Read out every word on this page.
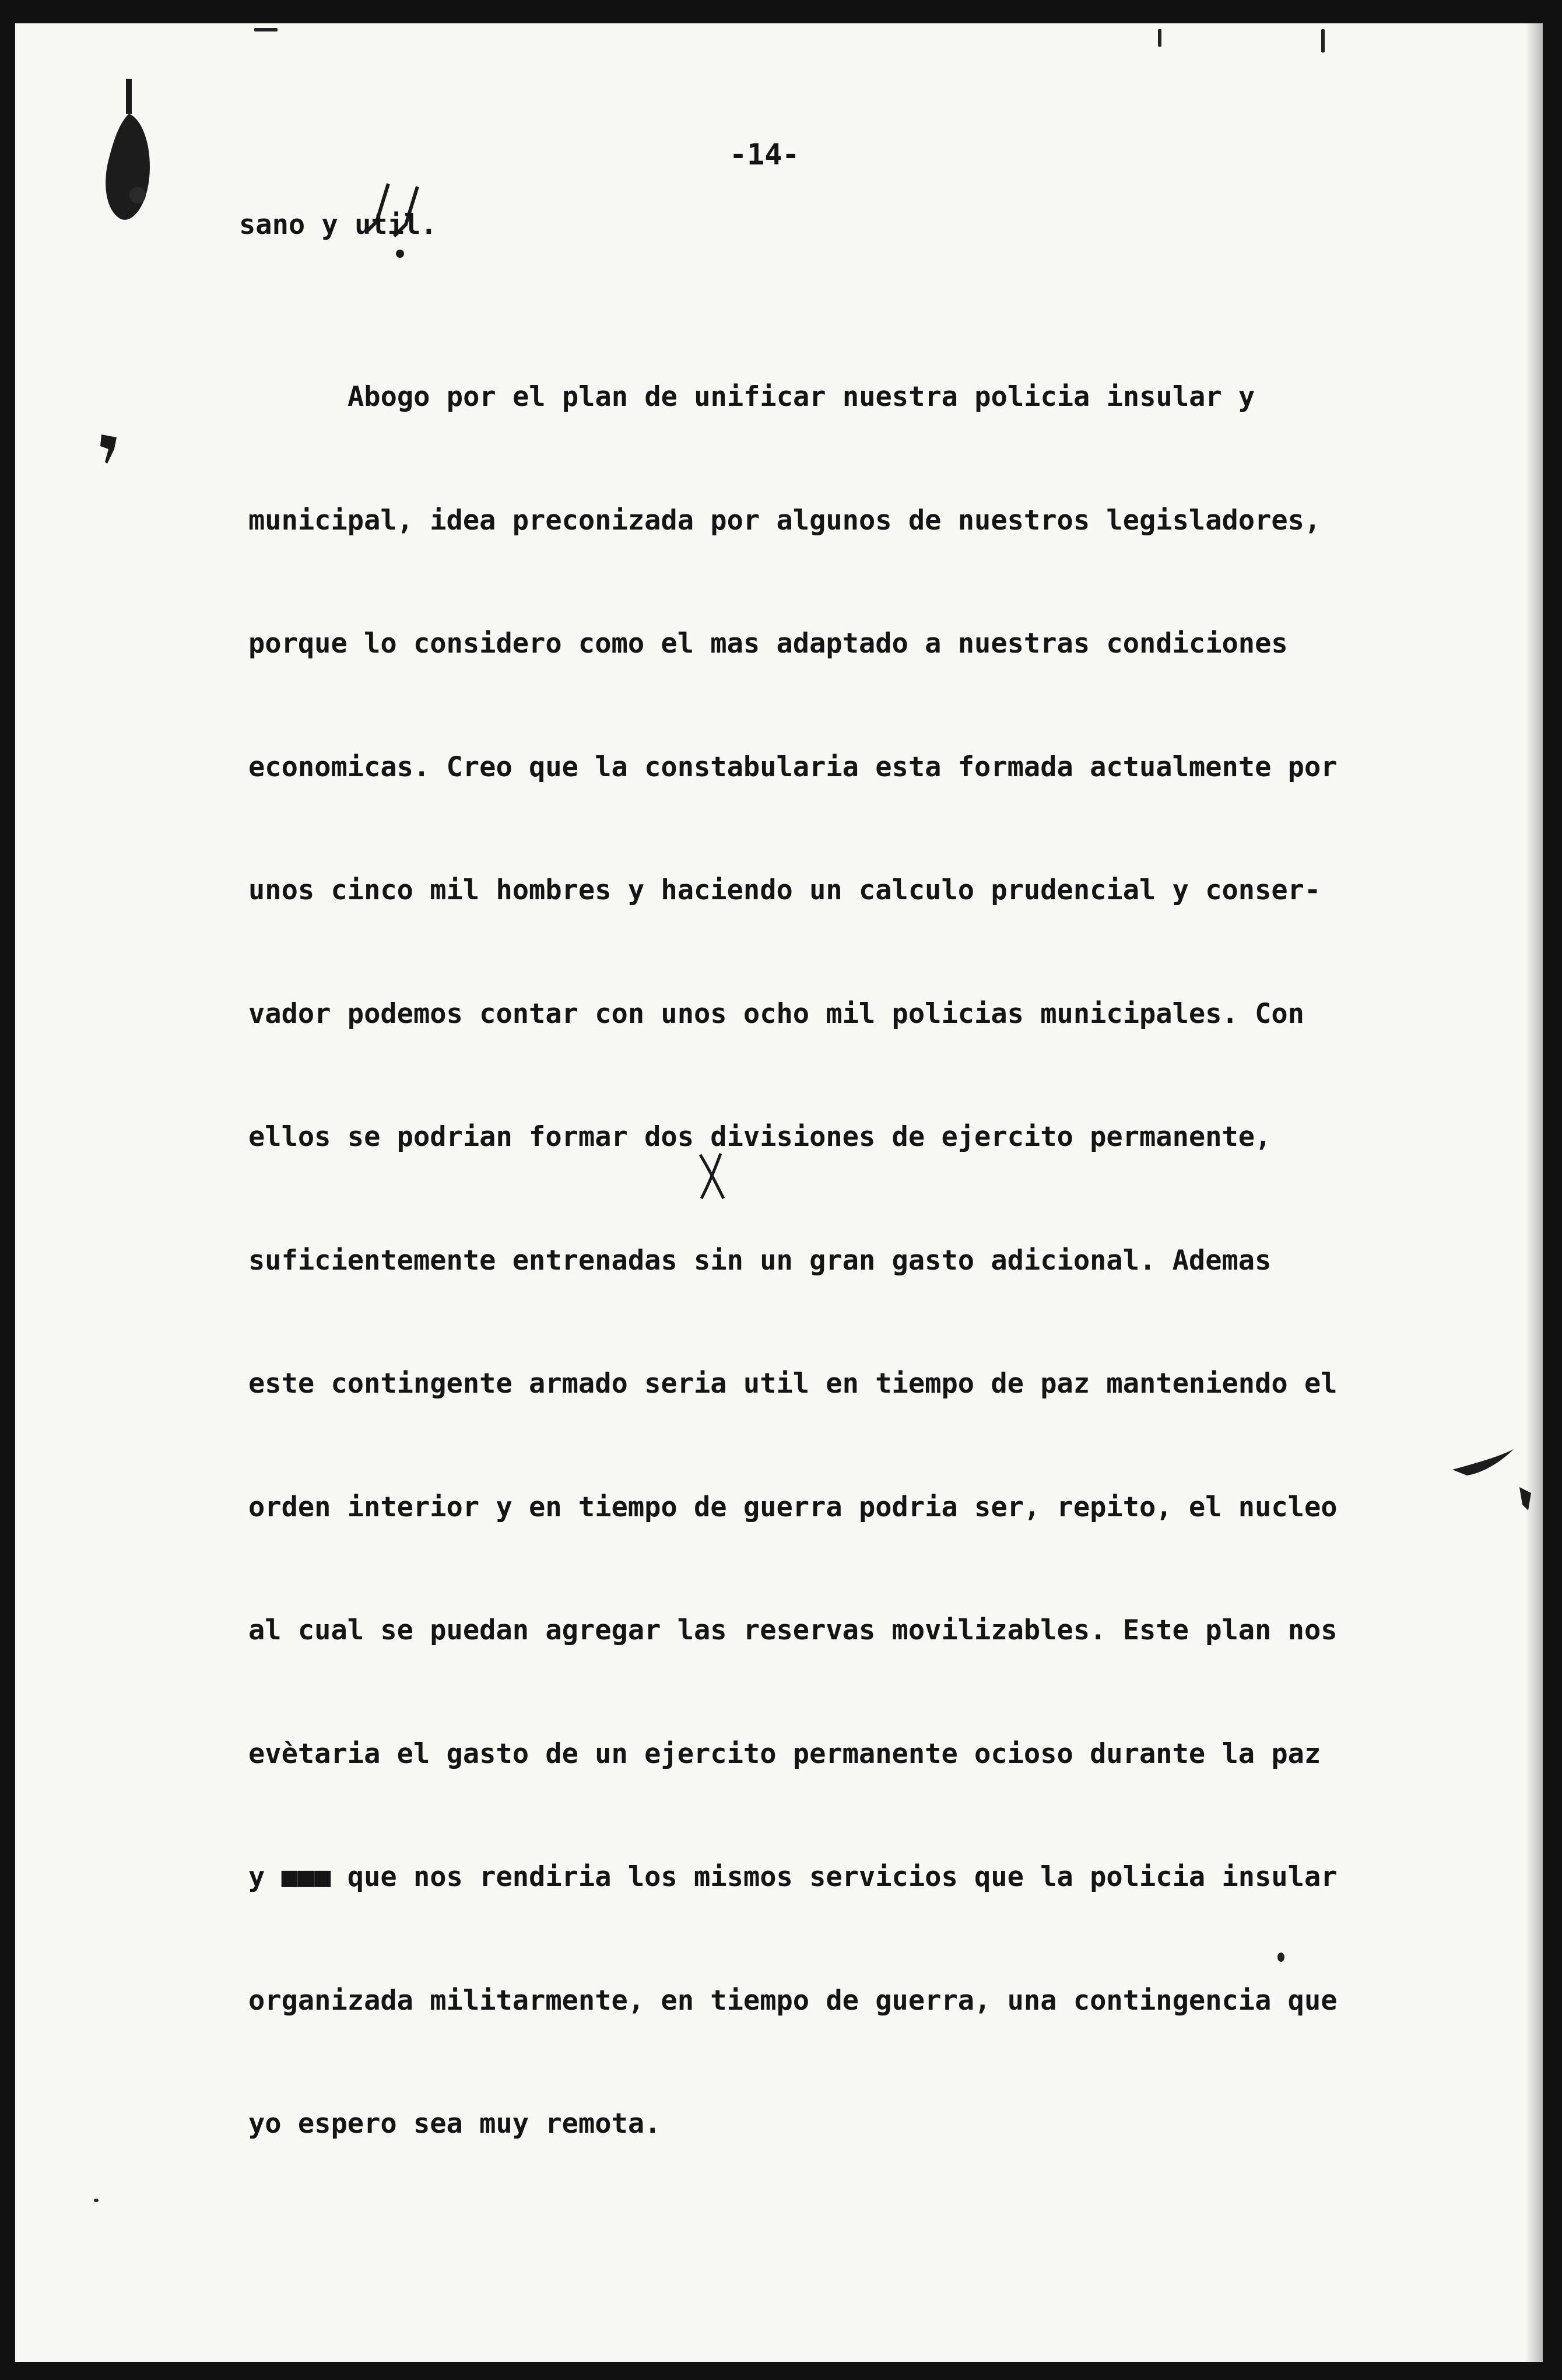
-14-

sano y util.

Abogo por el plan de unificar nuestra policia insular y

municipal, idea preconizada por algunos de nuestros legisladores,

porque lo considero como el mas adaptado a nuestras condiciones

economicas. Creo que la constabularia esta formada actualmente por

unos cinco mil hombres y haciendo un calculo prudencial y conser-

vador podemos contar con unos ocho mil policias municipales. Con

ellos se podrian formar dos divisiones de ejercito permanente,

suficientemente entrenadas sin un gran gasto adicional. Ademas

este contingente armado seria util en tiempo de paz manteniendo el

orden interior y en tiempo de guerra podria ser, repito, el nucleo

al cual se puedan agregar las reservas movilizables. Este plan nos

evètaria el gasto de un ejercito permanente ocioso durante la paz

y ■■■ que nos rendiria los mismos servicios que la policia insular

organizada militarmente, en tiempo de guerra, una contingencia que

yo espero sea muy remota.
